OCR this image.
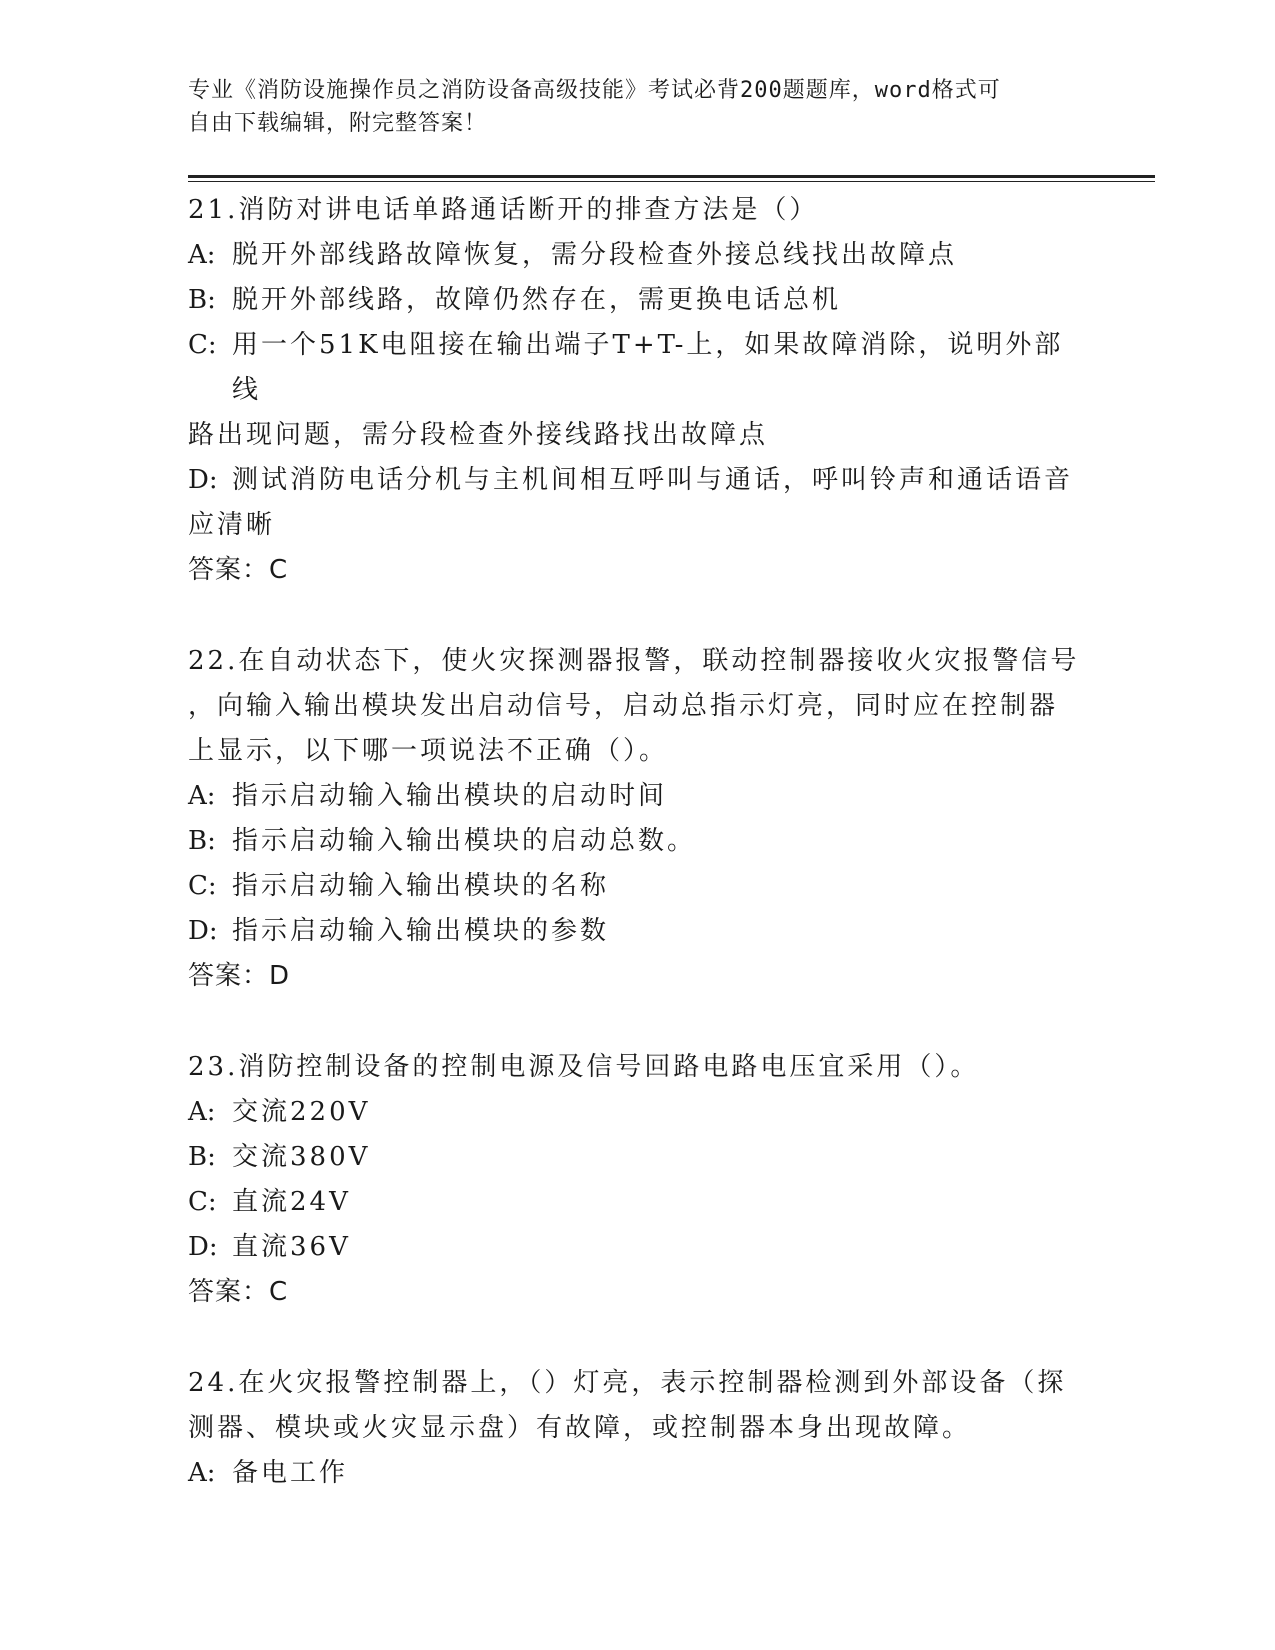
专业《消防设施操作员之消防设备高级技能》考试必背200题题库，word格式可
自由下载编辑，附完整答案！

21.消防对讲电话单路通话断开的排查方法是（）

A: 脱开外部线路故障恢复，需分段检查外接总线找出故障点
B: 脱开外部线路，故障仍然存在，需更换电话总机
C: 用一个51K电阻接在输出端子T+T-上，如果故障消除，说明外部线
路出现问题，需分段检查外接线路找出故障点
D: 测试消防电话分机与主机间相互呼叫与通话，呼叫铃声和通话语音
应清晰

答案：C

22.在自动状态下，使火灾探测器报警，联动控制器接收火灾报警信号

，向输入输出模块发出启动信号，启动总指示灯亮，同时应在控制器

上显示，以下哪一项说法不正确（）。

A: 指示启动输入输出模块的启动时间
B: 指示启动输入输出模块的启动总数。
C: 指示启动输入输出模块的名称
D: 指示启动输入输出模块的参数

答案：D

23.消防控制设备的控制电源及信号回路电路电压宜采用（）。

A: 交流220V
B: 交流380V
C: 直流24V
D: 直流36V

答案：C

24.在火灾报警控制器上，（）灯亮，表示控制器检测到外部设备（探

测器、模块或火灾显示盘）有故障，或控制器本身出现故障。

A: 备电工作
